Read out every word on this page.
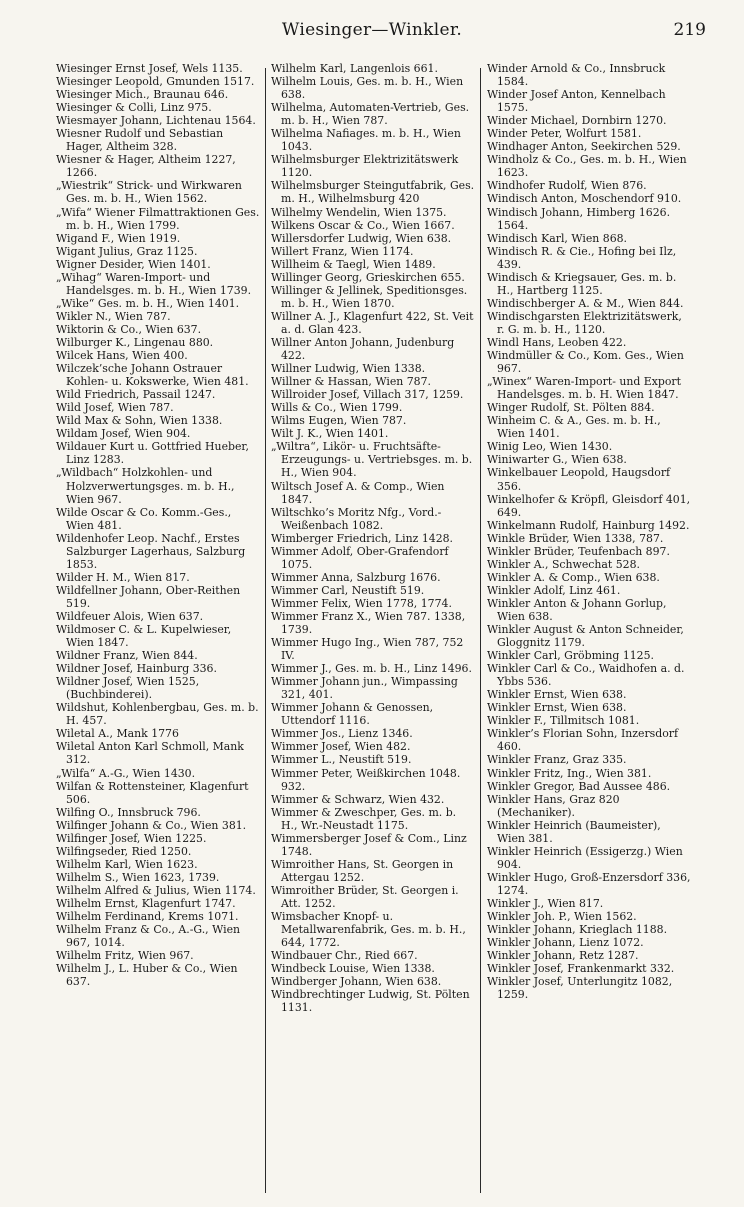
Wiesinger—Winkler.	219
Wiesinger Ernst Josef, Wels 1135.
Wiesinger Leopold, Gmunden 1517.
Wiesinger Mich., Braunau 646.
Wiesinger & Colli, Linz 975.
Wiesmayer Johann, Lichtenau 1564.
Wiesner Rudolf und Sebastian Hager, Altheim 328.
Wiesner & Hager, Altheim 1227, 1266.
„Wiestrik“ Strick- und Wirkwaren Ges. m. b. H., Wien 1562.
„Wifa“ Wiener Filmattraktionen Ges. m. b. H., Wien 1799.
Wigand F., Wien 1919.
Wigant Julius, Graz 1125.
Wigner Desider, Wien 1401.
„Wihag“ Waren-Import- und Handelsges. m. b. H., Wien 1739.
„Wike“ Ges. m. b. H., Wien 1401.
Wikler N., Wien 787.
Wiktorin & Co., Wien 637.
Wilburger K., Lingenau 880.
Wilcek Hans, Wien 400.
Wilczek’sche Johann Ostrauer Kohlen- u. Kokswerke, Wien 481.
Wild Friedrich, Passail 1247.
Wild Josef, Wien 787.
Wild Max & Sohn, Wien 1338.
Wildam Josef, Wien 904.
Wildauer Kurt u. Gottfried Hueber, Linz 1283.
„Wildbach“ Holzkohlen- und Holzverwertungsges. m. b. H., Wien 967.
Wilde Oscar & Co. Komm.-Ges., Wien 481.
Wildenhofer Leop. Nachf., Erstes Salzburger Lagerhaus, Salzburg 1853.
Wilder H. M., Wien 817.
Wildfellner Johann, Ober-Reithen 519.
Wildfeuer Alois, Wien 637.
Wildmoser C. & L. Kupelwieser, Wien 1847.
Wildner Franz, Wien 844.
Wildner Josef, Hainburg 336.
Wildner Josef, Wien 1525, (Buchbinderei).
Wildshut, Kohlenbergbau, Ges. m. b. H. 457.
Wiletal A., Mank 1776
Wiletal Anton Karl Schmoll, Mank 312.
„Wilfa“ A.-G., Wien 1430.
Wilfan & Rottensteiner, Klagenfurt 506.
Wilfing O., Innsbruck 796.
Wilfinger Johann & Co., Wien 381.
Wilfinger Josef, Wien 1225.
Wilfingseder, Ried 1250.
Wilhelm Karl, Wien 1623.
Wilhelm S., Wien 1623, 1739.
Wilhelm Alfred & Julius, Wien 1174.
Wilhelm Ernst, Klagenfurt 1747.
Wilhelm Ferdinand, Krems 1071.
Wilhelm Franz & Co., A.-G., Wien 967, 1014.
Wilhelm Fritz, Wien 967.
Wilhelm J., L. Huber & Co., Wien 637.
Wilhelm Karl, Langenlois 661.
Wilhelm Louis, Ges. m. b. H., Wien 638.
Wilhelma, Automaten-Vertrieb, Ges. m. b. H., Wien 787.
Wilhelma Nafiages. m. b. H., Wien 1043.
Wilhelmsburger Elektrizitätswerk 1120.
Wilhelmsburger Steingutfabrik, Ges. m. H., Wilhelmsburg 420
Wilhelmy Wendelin, Wien 1375.
Wilkens Oscar & Co., Wien 1667.
Willersdorfer Ludwig, Wien 638.
Willert Franz, Wien 1174.
Willheim & Taegl, Wien 1489.
Willinger Georg, Grieskirchen 655.
Willinger & Jellinek, Speditionsges. m. b. H., Wien 1870.
Willner A. J., Klagenfurt 422, St. Veit a. d. Glan 423.
Willner Anton Johann, Judenburg 422.
Willner Ludwig, Wien 1338.
Willner & Hassan, Wien 787.
Willroider Josef, Villach 317, 1259.
Wills & Co., Wien 1799.
Wilms Eugen, Wien 787.
Wilt J. K., Wien 1401.
„Wiltra“, Likör- u. Fruchtsäfte-Erzeugungs- u. Vertriebsges. m. b. H., Wien 904.
Wiltsch Josef A. & Comp., Wien 1847.
Wiltschko’s Moritz Nfg., Vord.-Weißenbach 1082.
Wimberger Friedrich, Linz 1428.
Wimmer Adolf, Ober-Grafendorf 1075.
Wimmer Anna, Salzburg 1676.
Wimmer Carl, Neustift 519.
Wimmer Felix, Wien 1778, 1774.
Wimmer Franz X., Wien 787. 1338, 1739.
Wimmer Hugo Ing., Wien 787, 752 IV.
Wimmer J., Ges. m. b. H., Linz 1496.
Wimmer Johann jun., Wimpassing 321, 401.
Wimmer Johann & Genossen, Uttendorf 1116.
Wimmer Jos., Lienz 1346.
Wimmer Josef, Wien 482.
Wimmer L., Neustift 519.
Wimmer Peter, Weißkirchen 1048. 932.
Wimmer & Schwarz, Wien 432.
Wimmer & Zweschper, Ges. m. b. H., Wr.-Neustadt 1175.
Wimmersberger Josef & Com., Linz 1748.
Wimroither Hans, St. Georgen in Attergau 1252.
Wimroither Brüder, St. Georgen i. Att. 1252.
Wimsbacher Knopf- u. Metallwarenfabrik, Ges. m. b. H., 644, 1772.
Windbauer Chr., Ried 667.
Windbeck Louise, Wien 1338.
Windberger Johann, Wien 638.
Windbrechtinger Ludwig, St. Pölten 1131.
Winder Arnold & Co., Innsbruck 1584.
Winder Josef Anton, Kennelbach 1575.
Winder Michael, Dornbirn 1270.
Winder Peter, Wolfurt 1581.
Windhager Anton, Seekirchen 529.
Windholz & Co., Ges. m. b. H., Wien 1623.
Windhofer Rudolf, Wien 876.
Windisch Anton, Moschendorf 910.
Windisch Johann, Himberg 1626. 1564.
Windisch Karl, Wien 868.
Windisch R. & Cie., Hofing bei Ilz, 439.
Windisch & Kriegsauer, Ges. m. b. H., Hartberg 1125.
Windischberger A. & M., Wien 844.
Windischgarsten Elektrizitätswerk, r. G. m. b. H., 1120.
Windl Hans, Leoben 422.
Windmüller & Co., Kom. Ges., Wien 967.
„Winex“ Waren-Import- und Export Handelsges. m. b. H. Wien 1847.
Winger Rudolf, St. Pölten 884.
Winheim C. & A., Ges. m. b. H., Wien 1401.
Winig Leo, Wien 1430.
Winiwarter G., Wien 638.
Winkelbauer Leopold, Haugsdorf 356.
Winkelhofer & Kröpfl, Gleisdorf 401, 649.
Winkelmann Rudolf, Hainburg 1492.
Winkle Brüder, Wien 1338, 787.
Winkler Brüder, Teufenbach 897.
Winkler A., Schwechat 528.
Winkler A. & Comp., Wien 638.
Winkler Adolf, Linz 461.
Winkler Anton & Johann Gorlup, Wien 638.
Winkler August & Anton Schneider, Gloggnitz 1179.
Winkler Carl, Gröbming 1125.
Winkler Carl & Co., Waidhofen a. d. Ybbs 536.
Winkler Ernst, Wien 638.
Winkler Ernst, Wien 638.
Winkler F., Tillmitsch 1081.
Winkler’s Florian Sohn, Inzersdorf 460.
Winkler Franz, Graz 335.
Winkler Fritz, Ing., Wien 381.
Winkler Gregor, Bad Aussee 486.
Winkler Hans, Graz 820 (Mechaniker).
Winkler Heinrich (Baumeister), Wien 381.
Winkler Heinrich (Essigerzg.) Wien 904.
Winkler Hugo, Groß-Enzersdorf 336, 1274.
Winkler J., Wien 817.
Winkler Joh. P., Wien 1562.
Winkler Johann, Krieglach 1188.
Winkler Johann, Lienz 1072.
Winkler Johann, Retz 1287.
Winkler Josef, Frankenmarkt 332.
Winkler Josef, Unterlungitz 1082, 1259.
